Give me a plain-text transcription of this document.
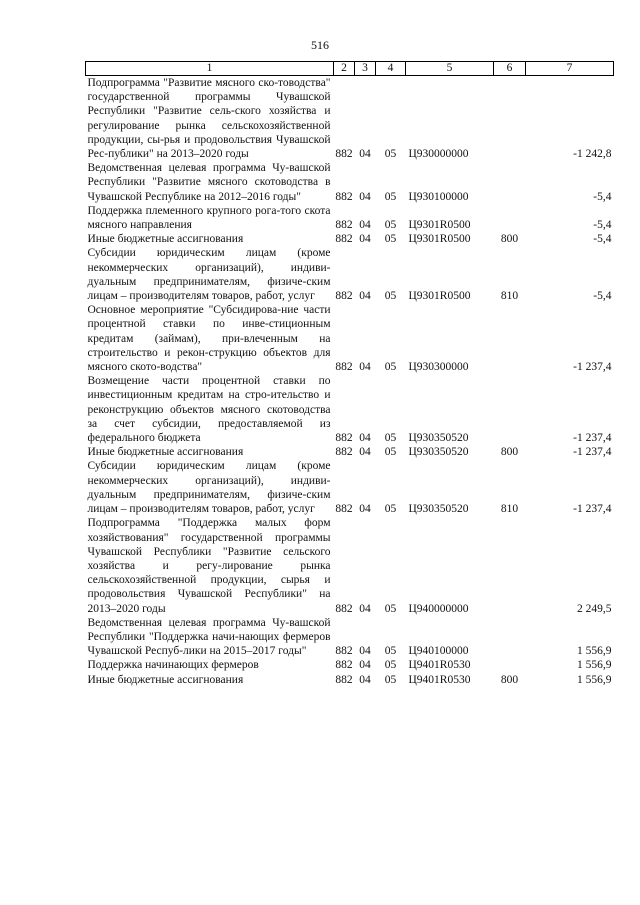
516
1	2	3	4	5	6	7
Подпрограмма "Развитие мясного ско-товодства" государственной программы Чувашской Республики "Развитие сель-ского хозяйства и регулирование рынка сельскохозяйственной продукции, сы-рья и продовольствия Чувашской Рес-публики" на 2013–2020 годы	882	04	05	Ц930000000		-1 242,8
Ведомственная целевая программа Чу-вашской Республики "Развитие мясного скотоводства в Чувашской Республике на 2012–2016 годы"	882	04	05	Ц930100000		-5,4
Поддержка племенного крупного рога-того скота мясного направления	882	04	05	Ц9301R0500		-5,4
Иные бюджетные ассигнования	882	04	05	Ц9301R0500	800	-5,4
Субсидии юридическим лицам (кроме некоммерческих организаций), индиви-дуальным предпринимателям, физиче-ским лицам – производителям товаров, работ, услуг	882	04	05	Ц9301R0500	810	-5,4
Основное мероприятие "Субсидирова-ние части процентной ставки по инве-стиционным кредитам (займам), при-влеченным на строительство и рекон-струкцию объектов для мясного ското-водства"	882	04	05	Ц930300000		-1 237,4
Возмещение части процентной ставки по инвестиционным кредитам на стро-ительство и реконструкцию объектов мясного скотоводства за счет субсидии, предоставляемой из федерального бюджета	882	04	05	Ц930350520		-1 237,4
Иные бюджетные ассигнования	882	04	05	Ц930350520	800	-1 237,4
Субсидии юридическим лицам (кроме некоммерческих организаций), индиви-дуальным предпринимателям, физиче-ским лицам – производителям товаров, работ, услуг	882	04	05	Ц930350520	810	-1 237,4
Подпрограмма "Поддержка малых форм хозяйствования" государственной программы Чувашской Республики "Развитие сельского хозяйства и регу-лирование рынка сельскохозяйственной продукции, сырья и продовольствия Чувашской Республики" на 2013–2020 годы	882	04	05	Ц940000000		2 249,5
Ведомственная целевая программа Чу-вашской Республики "Поддержка начи-нающих фермеров Чувашской Респуб-лики на 2015–2017 годы"	882	04	05	Ц940100000		1 556,9
Поддержка начинающих фермеров	882	04	05	Ц9401R0530		1 556,9
Иные бюджетные ассигнования	882	04	05	Ц9401R0530	800	1 556,9
